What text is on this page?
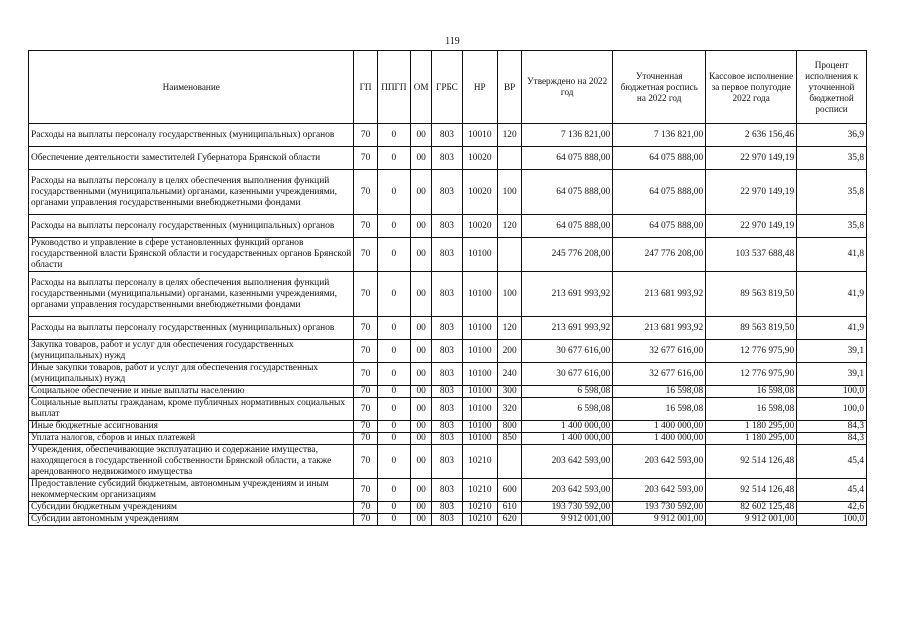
119
Наименование	ГП	ППГП	ОМ	ГРБС	НР	ВР	Утверждено на 2022 год	Уточненная бюджетная роспись на 2022 год	Кассовое исполнение за первое полугодие 2022 года	Процент исполнения к уточненной бюджетной росписи
Расходы на выплаты персоналу государственных (муниципальных) органов	70	0	00	803	10010	120	7 136 821,00	7 136 821,00	2 636 156,46	36,9
Обеспечение деятельности заместителей Губернатора Брянской области	70	0	00	803	10020		64 075 888,00	64 075 888,00	22 970 149,19	35,8
Расходы на выплаты персоналу в целях обеспечения выполнения функций государственными (муниципальными) органами, казенными учреждениями, органами управления государственными внебюджетными фондами	70	0	00	803	10020	100	64 075 888,00	64 075 888,00	22 970 149,19	35,8
Расходы на выплаты персоналу государственных (муниципальных) органов	70	0	00	803	10020	120	64 075 888,00	64 075 888,00	22 970 149,19	35,8
Руководство и управление в сфере установленных функций органов государственной власти Брянской области и государственных органов Брянской области	70	0	00	803	10100		245 776 208,00	247 776 208,00	103 537 688,48	41,8
Расходы на выплаты персоналу в целях обеспечения выполнения функций государственными (муниципальными) органами, казенными учреждениями, органами управления государственными внебюджетными фондами	70	0	00	803	10100	100	213 691 993,92	213 681 993,92	89 563 819,50	41,9
Расходы на выплаты персоналу государственных (муниципальных) органов	70	0	00	803	10100	120	213 691 993,92	213 681 993,92	89 563 819,50	41,9
Закупка товаров, работ и услуг для обеспечения государственных (муниципальных) нужд	70	0	00	803	10100	200	30 677 616,00	32 677 616,00	12 776 975,90	39,1
Иные закупки товаров, работ и услуг для обеспечения государственных (муниципальных) нужд	70	0	00	803	10100	240	30 677 616,00	32 677 616,00	12 776 975,90	39,1
Социальное обеспечение и иные выплаты населению	70	0	00	803	10100	300	6 598,08	16 598,08	16 598,08	100,0
Социальные выплаты гражданам, кроме публичных нормативных социальных выплат	70	0	00	803	10100	320	6 598,08	16 598,08	16 598,08	100,0
Иные бюджетные ассигнования	70	0	00	803	10100	800	1 400 000,00	1 400 000,00	1 180 295,00	84,3
Уплата налогов, сборов и иных платежей	70	0	00	803	10100	850	1 400 000,00	1 400 000,00	1 180 295,00	84,3
Учреждения, обеспечивающие эксплуатацию и содержание имущества, находящегося в государственной собственности Брянской области, а также арендованного недвижимого имущества	70	0	00	803	10210		203 642 593,00	203 642 593,00	92 514 126,48	45,4
Предоставление субсидий бюджетным, автономным учреждениям и иным некоммерческим организациям	70	0	00	803	10210	600	203 642 593,00	203 642 593,00	92 514 126,48	45,4
Субсидии бюджетным учреждениям	70	0	00	803	10210	610	193 730 592,00	193 730 592,00	82 602 125,48	42,6
Субсидии автономным учреждениям	70	0	00	803	10210	620	9 912 001,00	9 912 001,00	9 912 001,00	100,0
